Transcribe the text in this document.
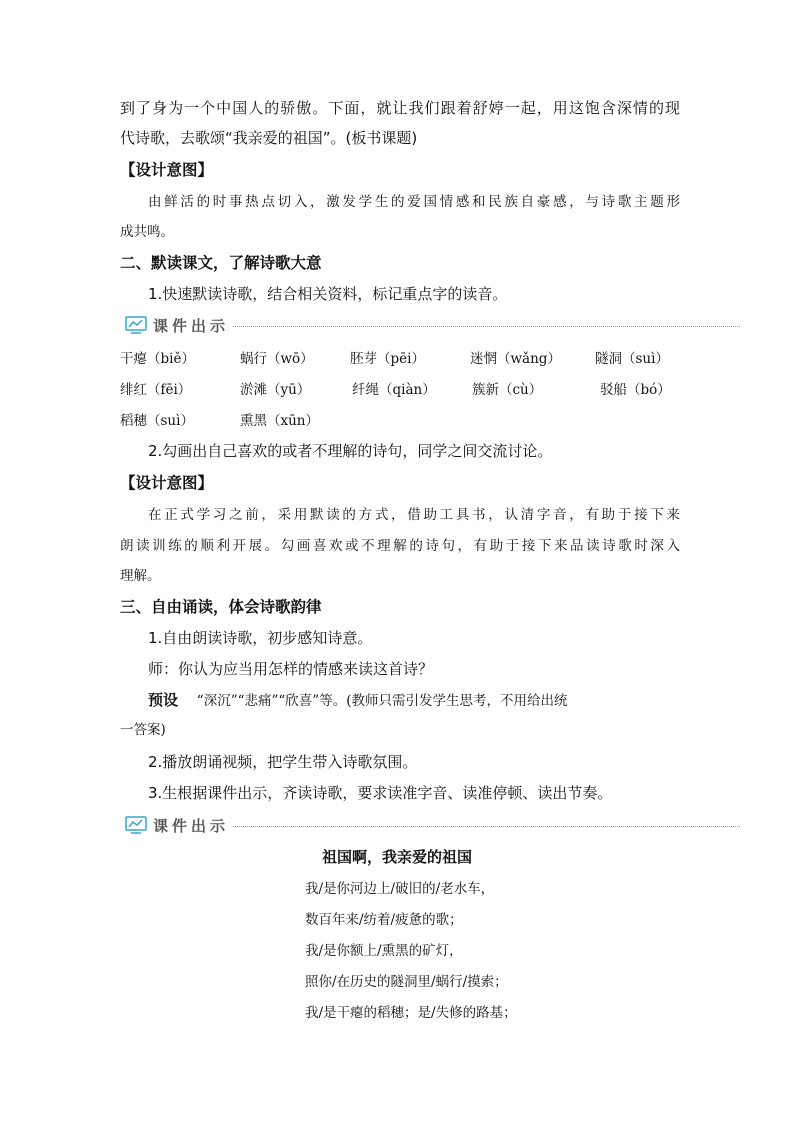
到了身为一个中国人的骄傲。下面，就让我们跟着舒婷一起，用这饱含深情的现
代诗歌，去歌颂“我亲爱的祖国”。(板书课题)
【设计意图】
由鲜活的时事热点切入，激发学生的爱国情感和民族自豪感，与诗歌主题形
成共鸣。
二、默读课文，了解诗歌大意
1.快速默读诗歌，结合相关资料，标记重点字的读音。
课件出示
干瘪（biě）	蜗行（wō）	胚芽（pēi）	迷惘（wǎng）	隧洞（suì）
绯红（fēi）	淤滩（yū）	纤绳（qiàn）	簇新（cù）	驳船（bó）
稻穗（suì）	熏黑（xūn）
2.勾画出自己喜欢的或者不理解的诗句，同学之间交流讨论。
【设计意图】
在正式学习之前，采用默读的方式，借助工具书，认清字音，有助于接下来
朗读训练的顺利开展。勾画喜欢或不理解的诗句，有助于接下来品读诗歌时深入
理解。
三、自由诵读，体会诗歌韵律
1.自由朗读诗歌，初步感知诗意。
师：你认为应当用怎样的情感来读这首诗？
预设 “深沉”“悲痛”“欣喜”等。(教师只需引发学生思考，不用给出统
一答案)
2.播放朗诵视频，把学生带入诗歌氛围。
3.生根据课件出示，齐读诗歌，要求读准字音、读准停顿、读出节奏。
课件出示
祖国啊，我亲爱的祖国
我/是你河边上/破旧的/老水车，
数百年来/纺着/疲惫的歌；
我/是你额上/熏黑的矿灯，
照你/在历史的隧洞里/蜗行/摸索；
我/是干瘪的稻穗；是/失修的路基；
